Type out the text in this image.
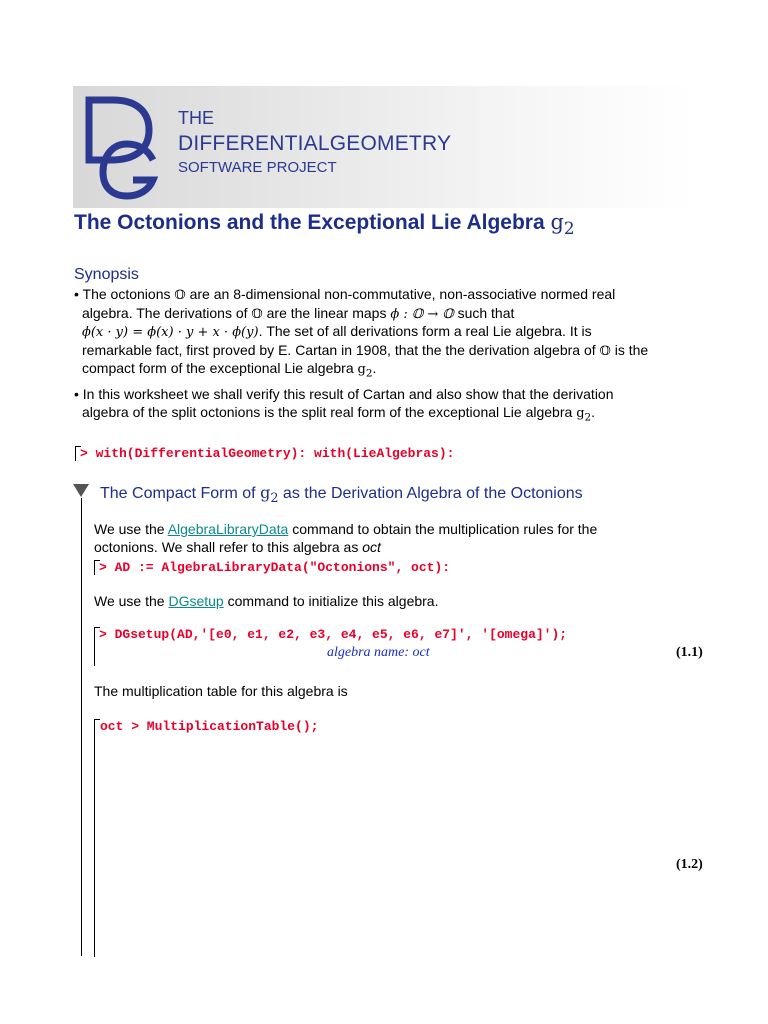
THE
DIFFERENTIALGEOMETRY
SOFTWARE PROJECT
The Octonions and the Exceptional Lie Algebra $g_2$
Synopsis
• The octonions 𝕆 are an 8-dimensional non-commutative, non-associative normed real
algebra. The derivations of 𝕆 are the linear maps ϕ : 𝕆 → 𝕆 such that
ϕ(x · y) = ϕ(x) · y + x · ϕ(y). The set of all derivations form a real Lie algebra. It is
remarkable fact, first proved by E. Cartan in 1908, that the the derivation algebra of 𝕆 is the
compact form of the exceptional Lie algebra $g_2$.
• In this worksheet we shall verify this result of Cartan and also show that the derivation
algebra of the split octonions is the split real form of the exceptional Lie algebra $g_2$.
> with(DifferentialGeometry): with(LieAlgebras):
The Compact Form of $g_2$ as the Derivation Algebra of the Octonions
We use the AlgebraLibraryData command to obtain the multiplication rules for the
octonions. We shall refer to this algebra as oct
> AD := AlgebraLibraryData("Octonions", oct):
We use the DGsetup command to initialize this algebra.
> DGsetup(AD,'[e0, e1, e2, e3, e4, e5, e6, e7]', '[omega]');
algebra name: oct	(1.1)
The multiplication table for this algebra is
oct > MultiplicationTable();
(1.2)
